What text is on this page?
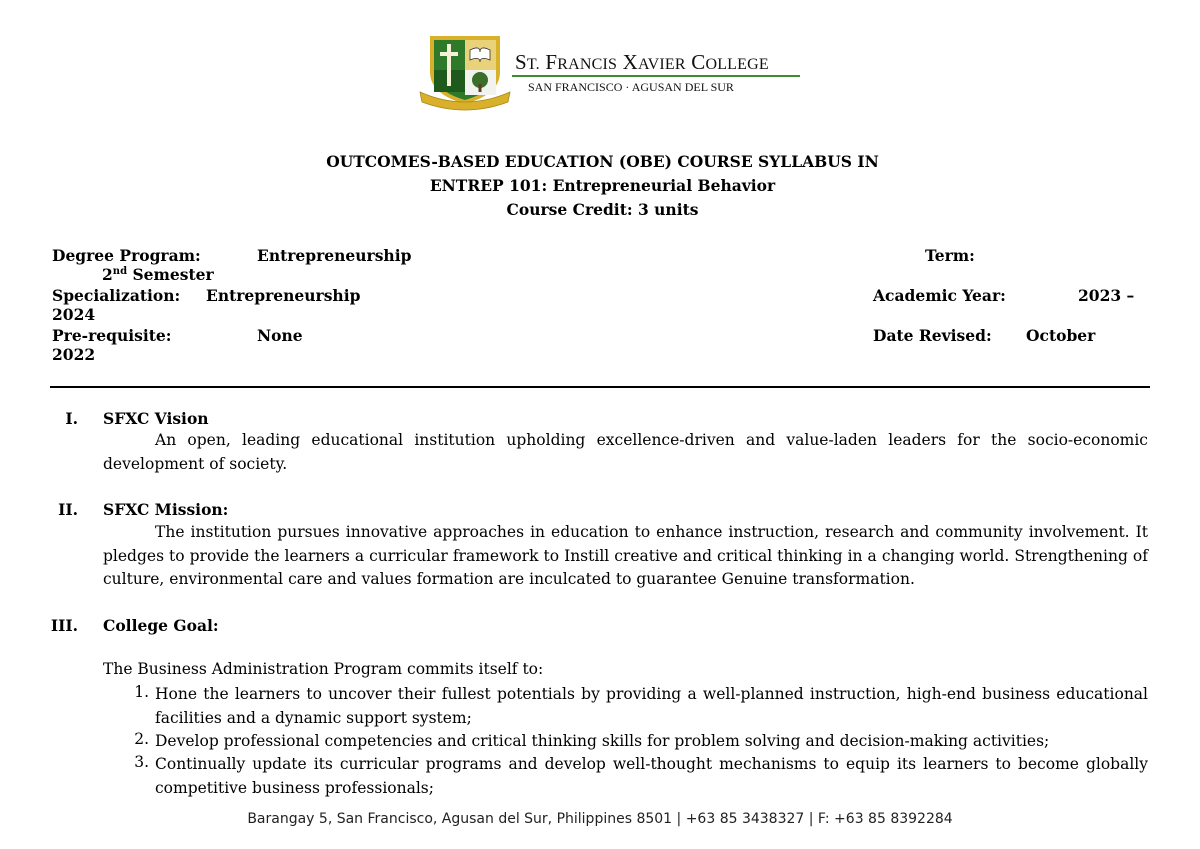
ST. FRANCIS XAVIER COLLEGE
SAN FRANCISCO · AGUSAN DEL SUR
OUTCOMES-BASED EDUCATION (OBE) COURSE SYLLABUS IN
ENTREP 101: Entrepreneurial Behavior
Course Credit: 3 units
Degree Program:	Entrepreneurship	Term:
2nd Semester
Specialization: Entrepreneurship	Academic Year:	2023 –
2024
Pre-requisite:	None	Date Revised: October
2022
I. SFXC Vision
An open, leading educational institution upholding excellence-driven and value-laden leaders for the socio-economic development of society.
II. SFXC Mission:
The institution pursues innovative approaches in education to enhance instruction, research and community involvement. It pledges to provide the learners a curricular framework to Instill creative and critical thinking in a changing world. Strengthening of culture, environmental care and values formation are inculcated to guarantee Genuine transformation.
III. College Goal:
The Business Administration Program commits itself to:
1. Hone the learners to uncover their fullest potentials by providing a well-planned instruction, high-end business educational facilities and a dynamic support system;
2. Develop professional competencies and critical thinking skills for problem solving and decision-making activities;
3. Continually update its curricular programs and develop well-thought mechanisms to equip its learners to become globally competitive business professionals;
Barangay 5, San Francisco, Agusan del Sur, Philippines 8501 | +63 85 3438327 | F: +63 85 8392284
